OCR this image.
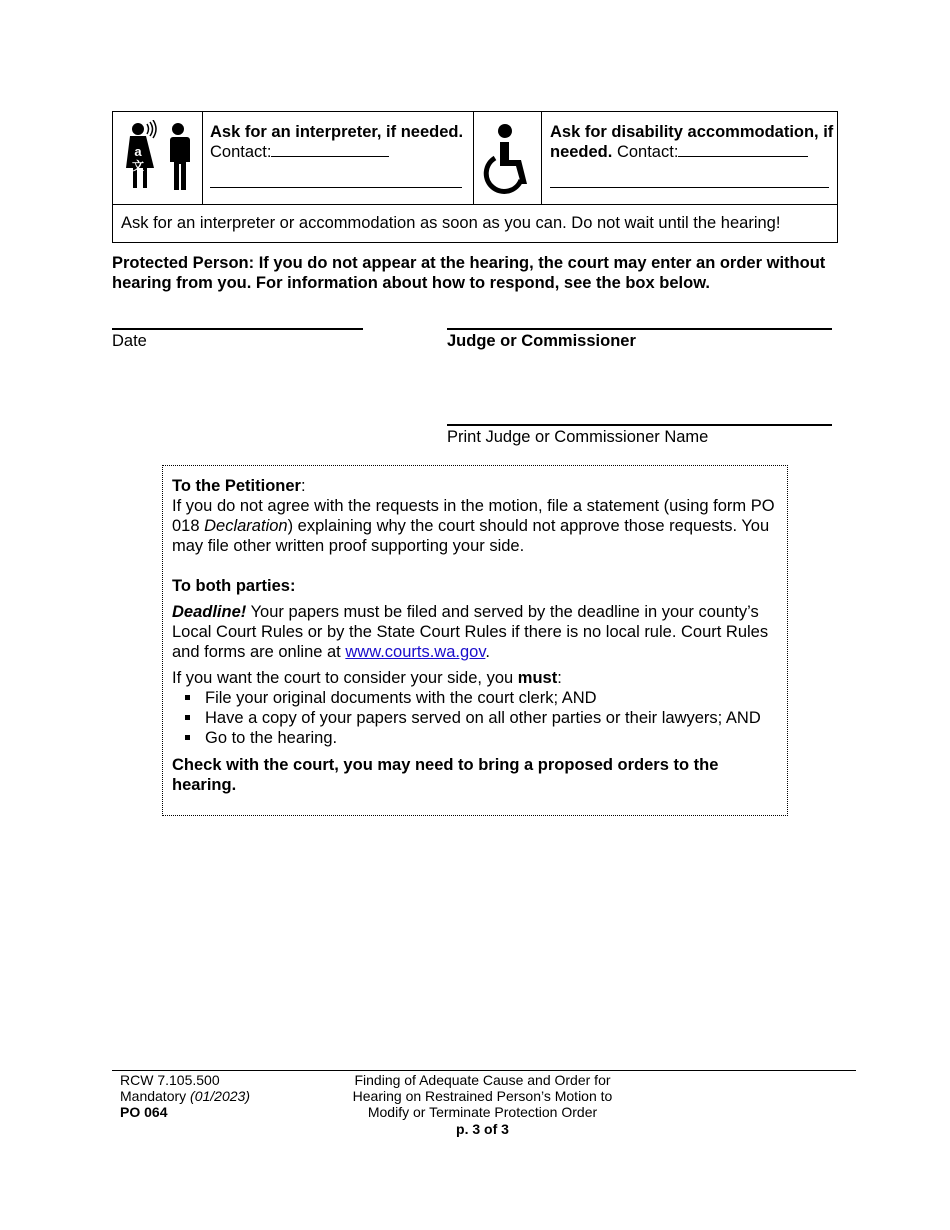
a
文
Ask for an interpreter, if needed. Contact:
Ask for disability accommodation, if needed. Contact:
Ask for an interpreter or accommodation as soon as you can. Do not wait until the hearing!
Protected Person: If you do not appear at the hearing, the court may enter an order without hearing from you. For information about how to respond, see the box below.
Date	Judge or Commissioner
Print Judge or Commissioner Name

To the Petitioner:

If you do not agree with the requests in the motion, file a statement (using form PO 018 Declaration) explaining why the court should not approve those requests. You may file other written proof supporting your side.

To both parties:

Deadline! Your papers must be filed and served by the deadline in your county’s Local Court Rules or by the State Court Rules if there is no local rule. Court Rules and forms are online at www.courts.wa.gov.

If you want the court to consider your side, you must:

File your original documents with the court clerk; AND
Have a copy of your papers served on all other parties or their lawyers; AND
Go to the hearing.

Check with the court, you may need to bring a proposed orders to the hearing.

RCW 7.105.500
Mandatory (01/2023)
PO 064
Finding of Adequate Cause and Order for Hearing on Restrained Person’s Motion to Modify or Terminate Protection Order
p. 3 of 3
